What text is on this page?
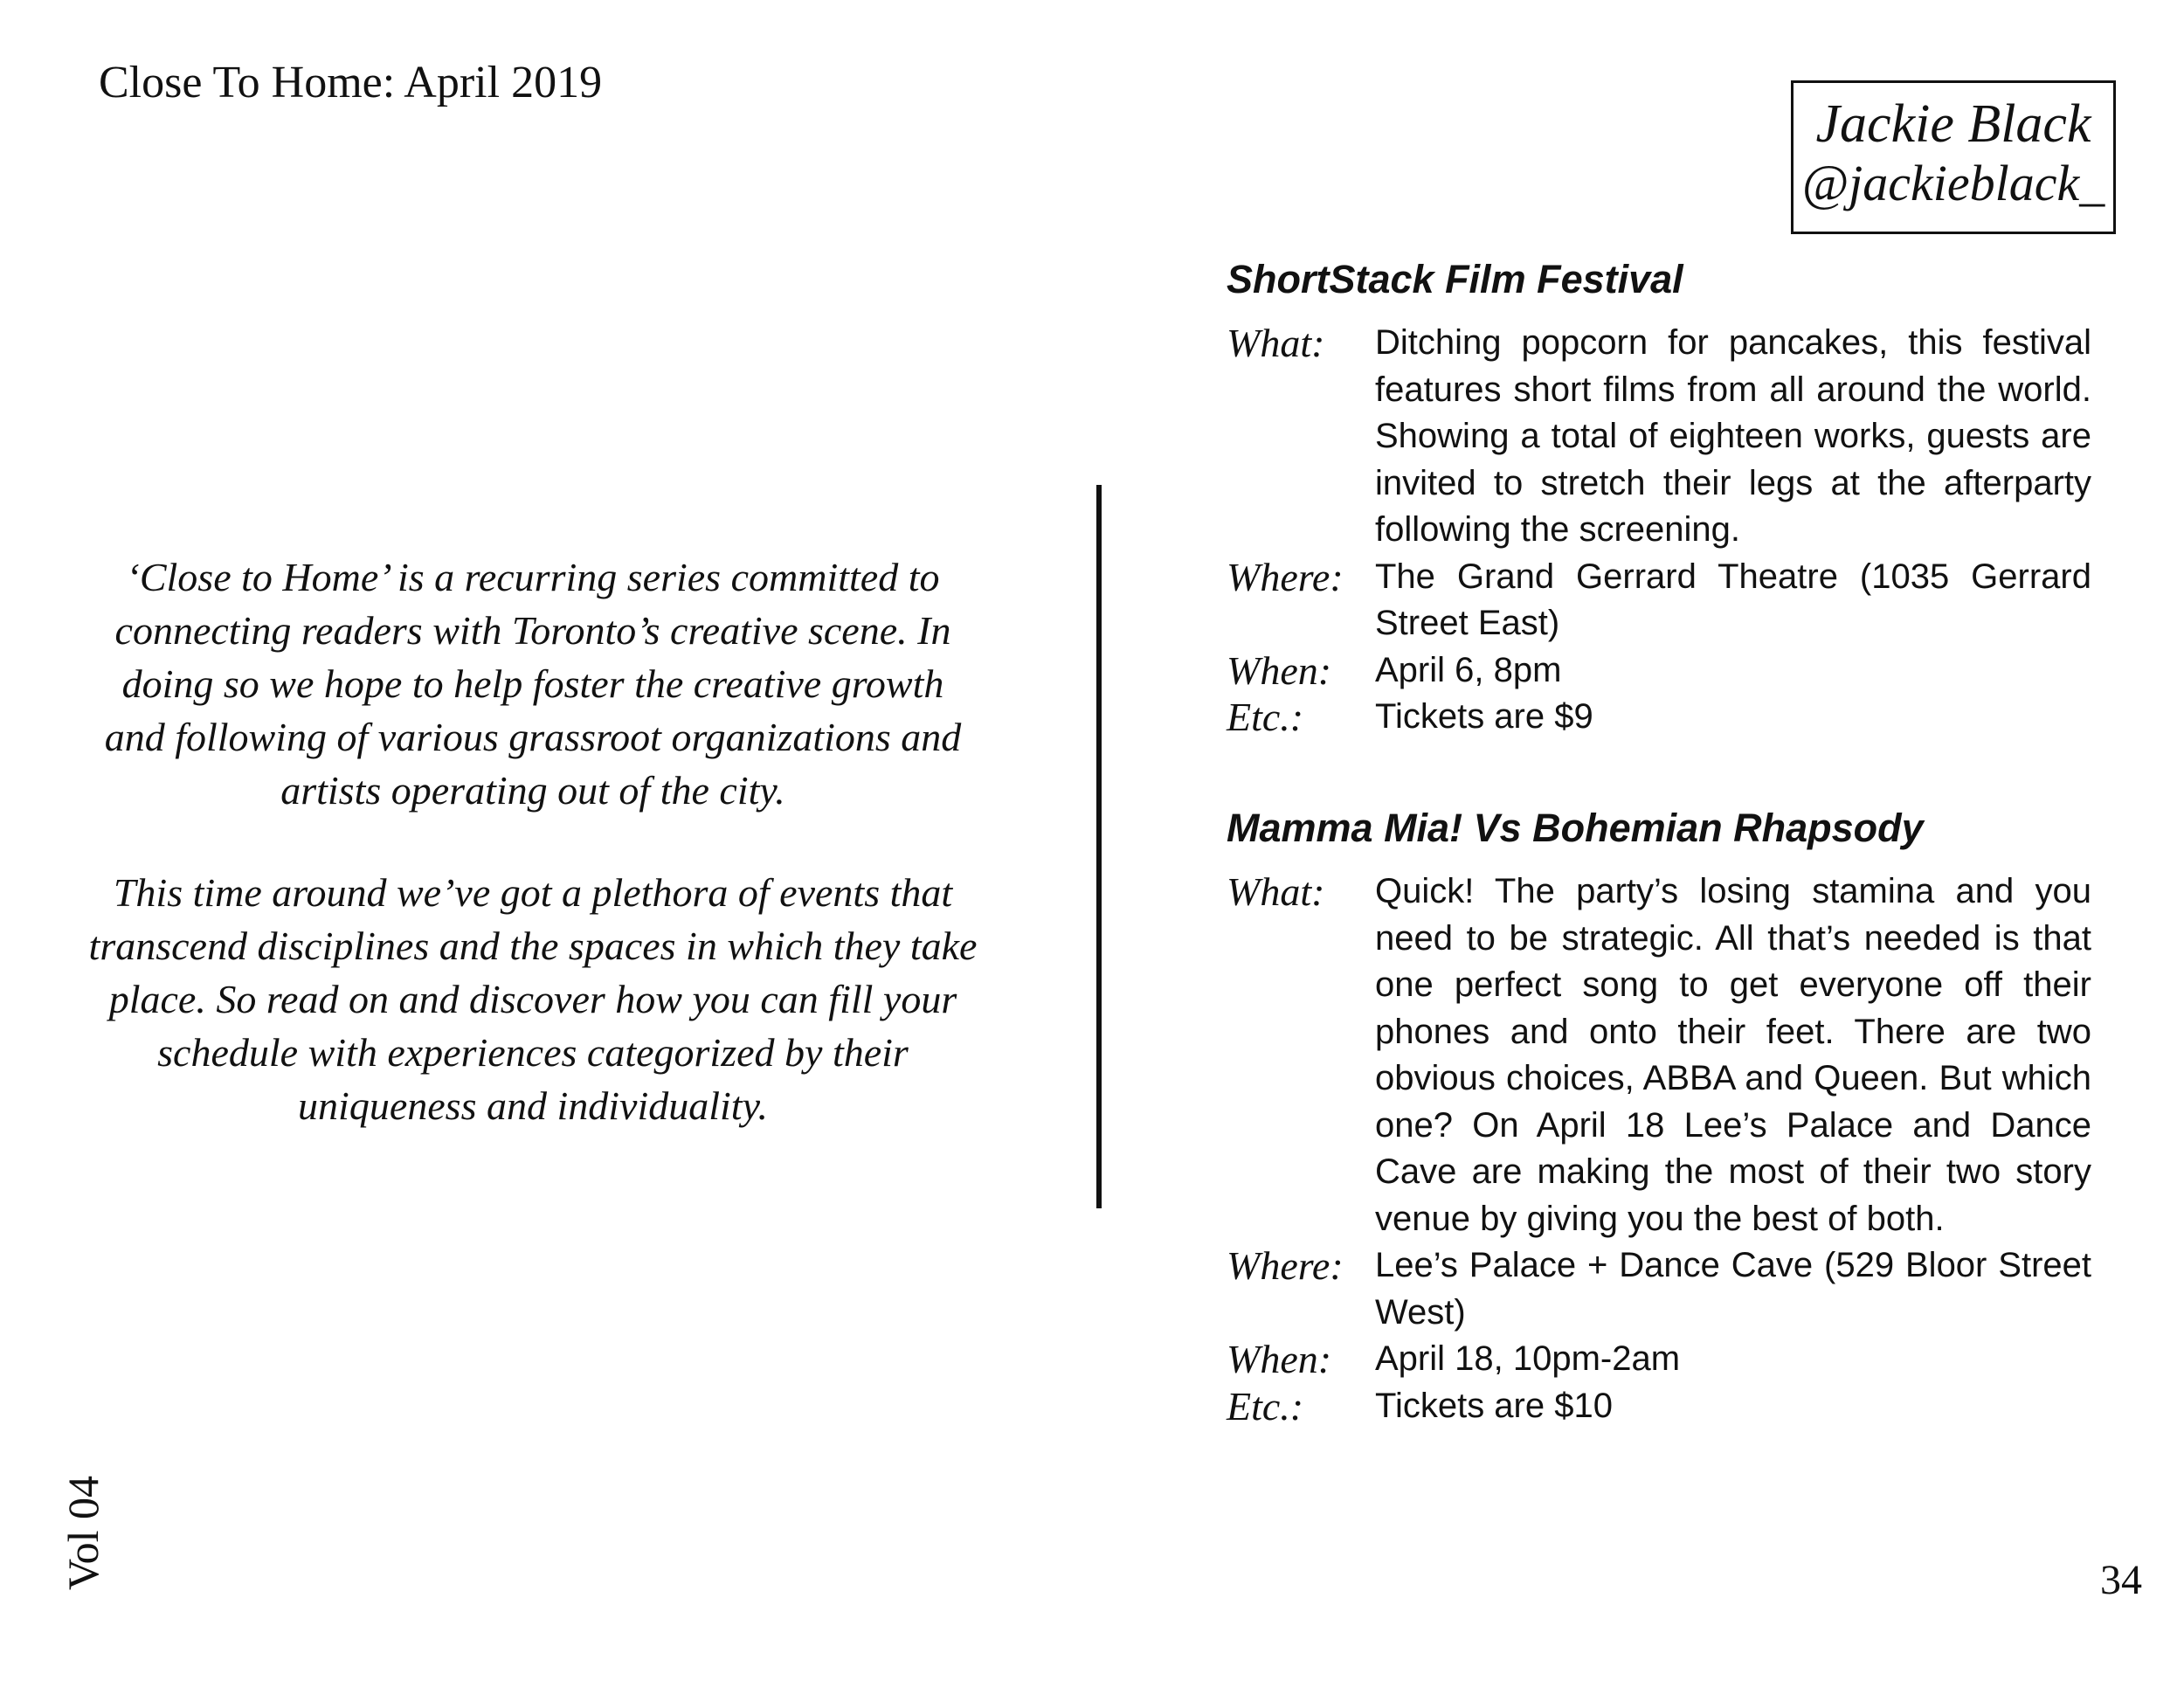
Close To Home: April 2019
Jackie Black
@jackieblack_

‘Close to Home’ is a recurring series committed to connecting readers with Toronto’s creative scene. In doing so we hope to help foster the creative growth and following of various grassroot organizations and artists operating out of the city.

This time around we’ve got a plethora of events that transcend disciplines and the spaces in which they take place. So read on and discover how you can fill your schedule with experiences categorized by their uniqueness and individuality.

ShortStack Film Festival
What:	Ditching popcorn for pancakes, this festival features short films from all around the world. Showing a total of eighteen works, guests are invited to stretch their legs at the afterparty following the screening.
Where: The Grand Gerrard Theatre (1035 Gerrard Street East)
When:	April 6, 8pm
Etc.:	Tickets are $9
Mamma Mia! Vs Bohemian Rhapsody
What:	Quick! The party’s losing stamina and you need to be strategic. All that’s needed is that one perfect song to get everyone off their phones and onto their feet. There are two obvious choices, ABBA and Queen. But which one? On April 18 Lee’s Palace and Dance Cave are making the most of their two story venue by giving you the best of both.
Where: Lee’s Palace + Dance Cave (529 Bloor Street West)
When:	April 18, 10pm-2am
Etc.:	Tickets are $10
Vol 04	34
